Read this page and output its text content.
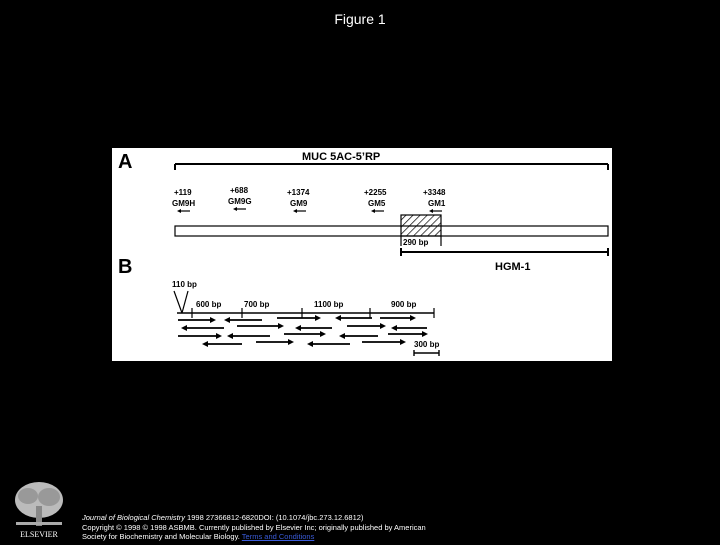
Figure 1
A
B
MUC 5AC-5’RP
+119
GM9H
+688
GM9G
+1374
GM9
+2255
GM5
+3348
GM1
290 bp
HGM-1
110 bp
600 bp	700 bp	1100 bp	900 bp
300 bp
ELSEVIER
Journal of Biological Chemistry 1998 27366812-6820DOI: (10.1074/jbc.273.12.6812)
Copyright © 1998 © 1998 ASBMB. Currently published by Elsevier Inc; originally published by American
Society for Biochemistry and Molecular Biology. Terms and Conditions
